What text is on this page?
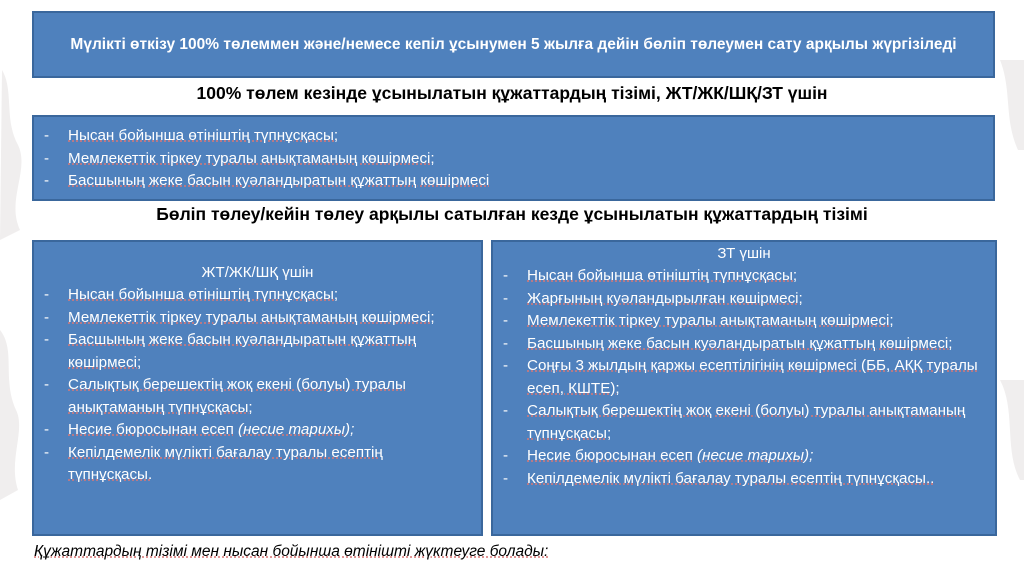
Мүлікті өткізу 100% төлеммен және/немесе кепіл ұсынумен 5 жылға дейін бөліп төлеумен сату арқылы жүргізіледі
100% төлем кезінде ұсынылатын құжаттардың тізімі, ЖТ/ЖК/ШҚ/ЗТ үшін
- Нысан бойынша өтініштің түпнұсқасы;
- Мемлекеттік тіркеу туралы анықтаманың көшірмесі;
- Басшының жеке басын куәландыратын құжаттың көшірмесі
Бөліп төлеу/кейін төлеу арқылы сатылған кезде ұсынылатын құжаттардың тізімі
ЖТ/ЖК/ШҚ үшін
- Нысан бойынша өтініштің түпнұсқасы;
- Мемлекеттік тіркеу туралы анықтаманың көшірмесі;
- Басшының жеке басын куәландыратын құжаттың көшірмесі;
- Салықтық берешектің жоқ екені (болуы) туралы анықтаманың түпнұсқасы;
- Несие бюросынан есеп (несие тарихы);
- Кепілдемелік мүлікті бағалау туралы есептің түпнұсқасы.
ЗТ үшін
- Нысан бойынша өтініштің түпнұсқасы;
- Жарғының куәландырылған көшірмесі;
- Мемлекеттік тіркеу туралы анықтаманың көшірмесі;
- Басшының жеке басын куәландыратын құжаттың көшірмесі;
- Соңғы 3 жылдың қаржы есептілігінің көшірмесі (ББ, АҚҚ туралы есеп, КШТЕ);
- Салықтық берешектің жоқ екені (болуы) туралы анықтаманың түпнұсқасы;
- Несие бюросынан есеп (несие тарихы);
- Кепілдемелік мүлікті бағалау туралы есептің түпнұсқасы..
Құжаттардың тізімі мен нысан бойынша өтінішті жүктеуге болады:
